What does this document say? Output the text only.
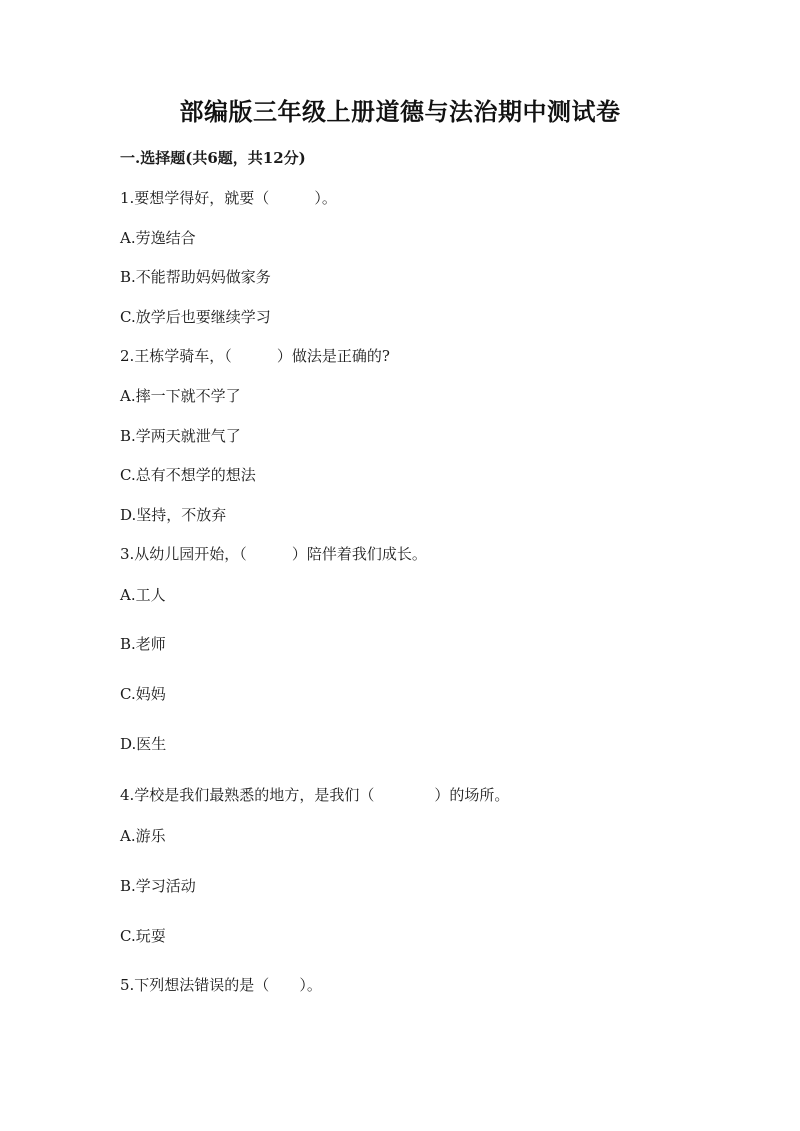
部编版三年级上册道德与法治期中测试卷
一.选择题(共6题，共12分)
1.要想学得好，就要（　　　）。
A.劳逸结合
B.不能帮助妈妈做家务
C.放学后也要继续学习
2.王栋学骑车，（　　　）做法是正确的?
A.摔一下就不学了
B.学两天就泄气了
C.总有不想学的想法
D.坚持，不放弃
3.从幼儿园开始，（　　　）陪伴着我们成长。
A.工人
B.老师
C.妈妈
D.医生
4.学校是我们最熟悉的地方，是我们（　　　　）的场所。
A.游乐
B.学习活动
C.玩耍
5.下列想法错误的是（　　）。
